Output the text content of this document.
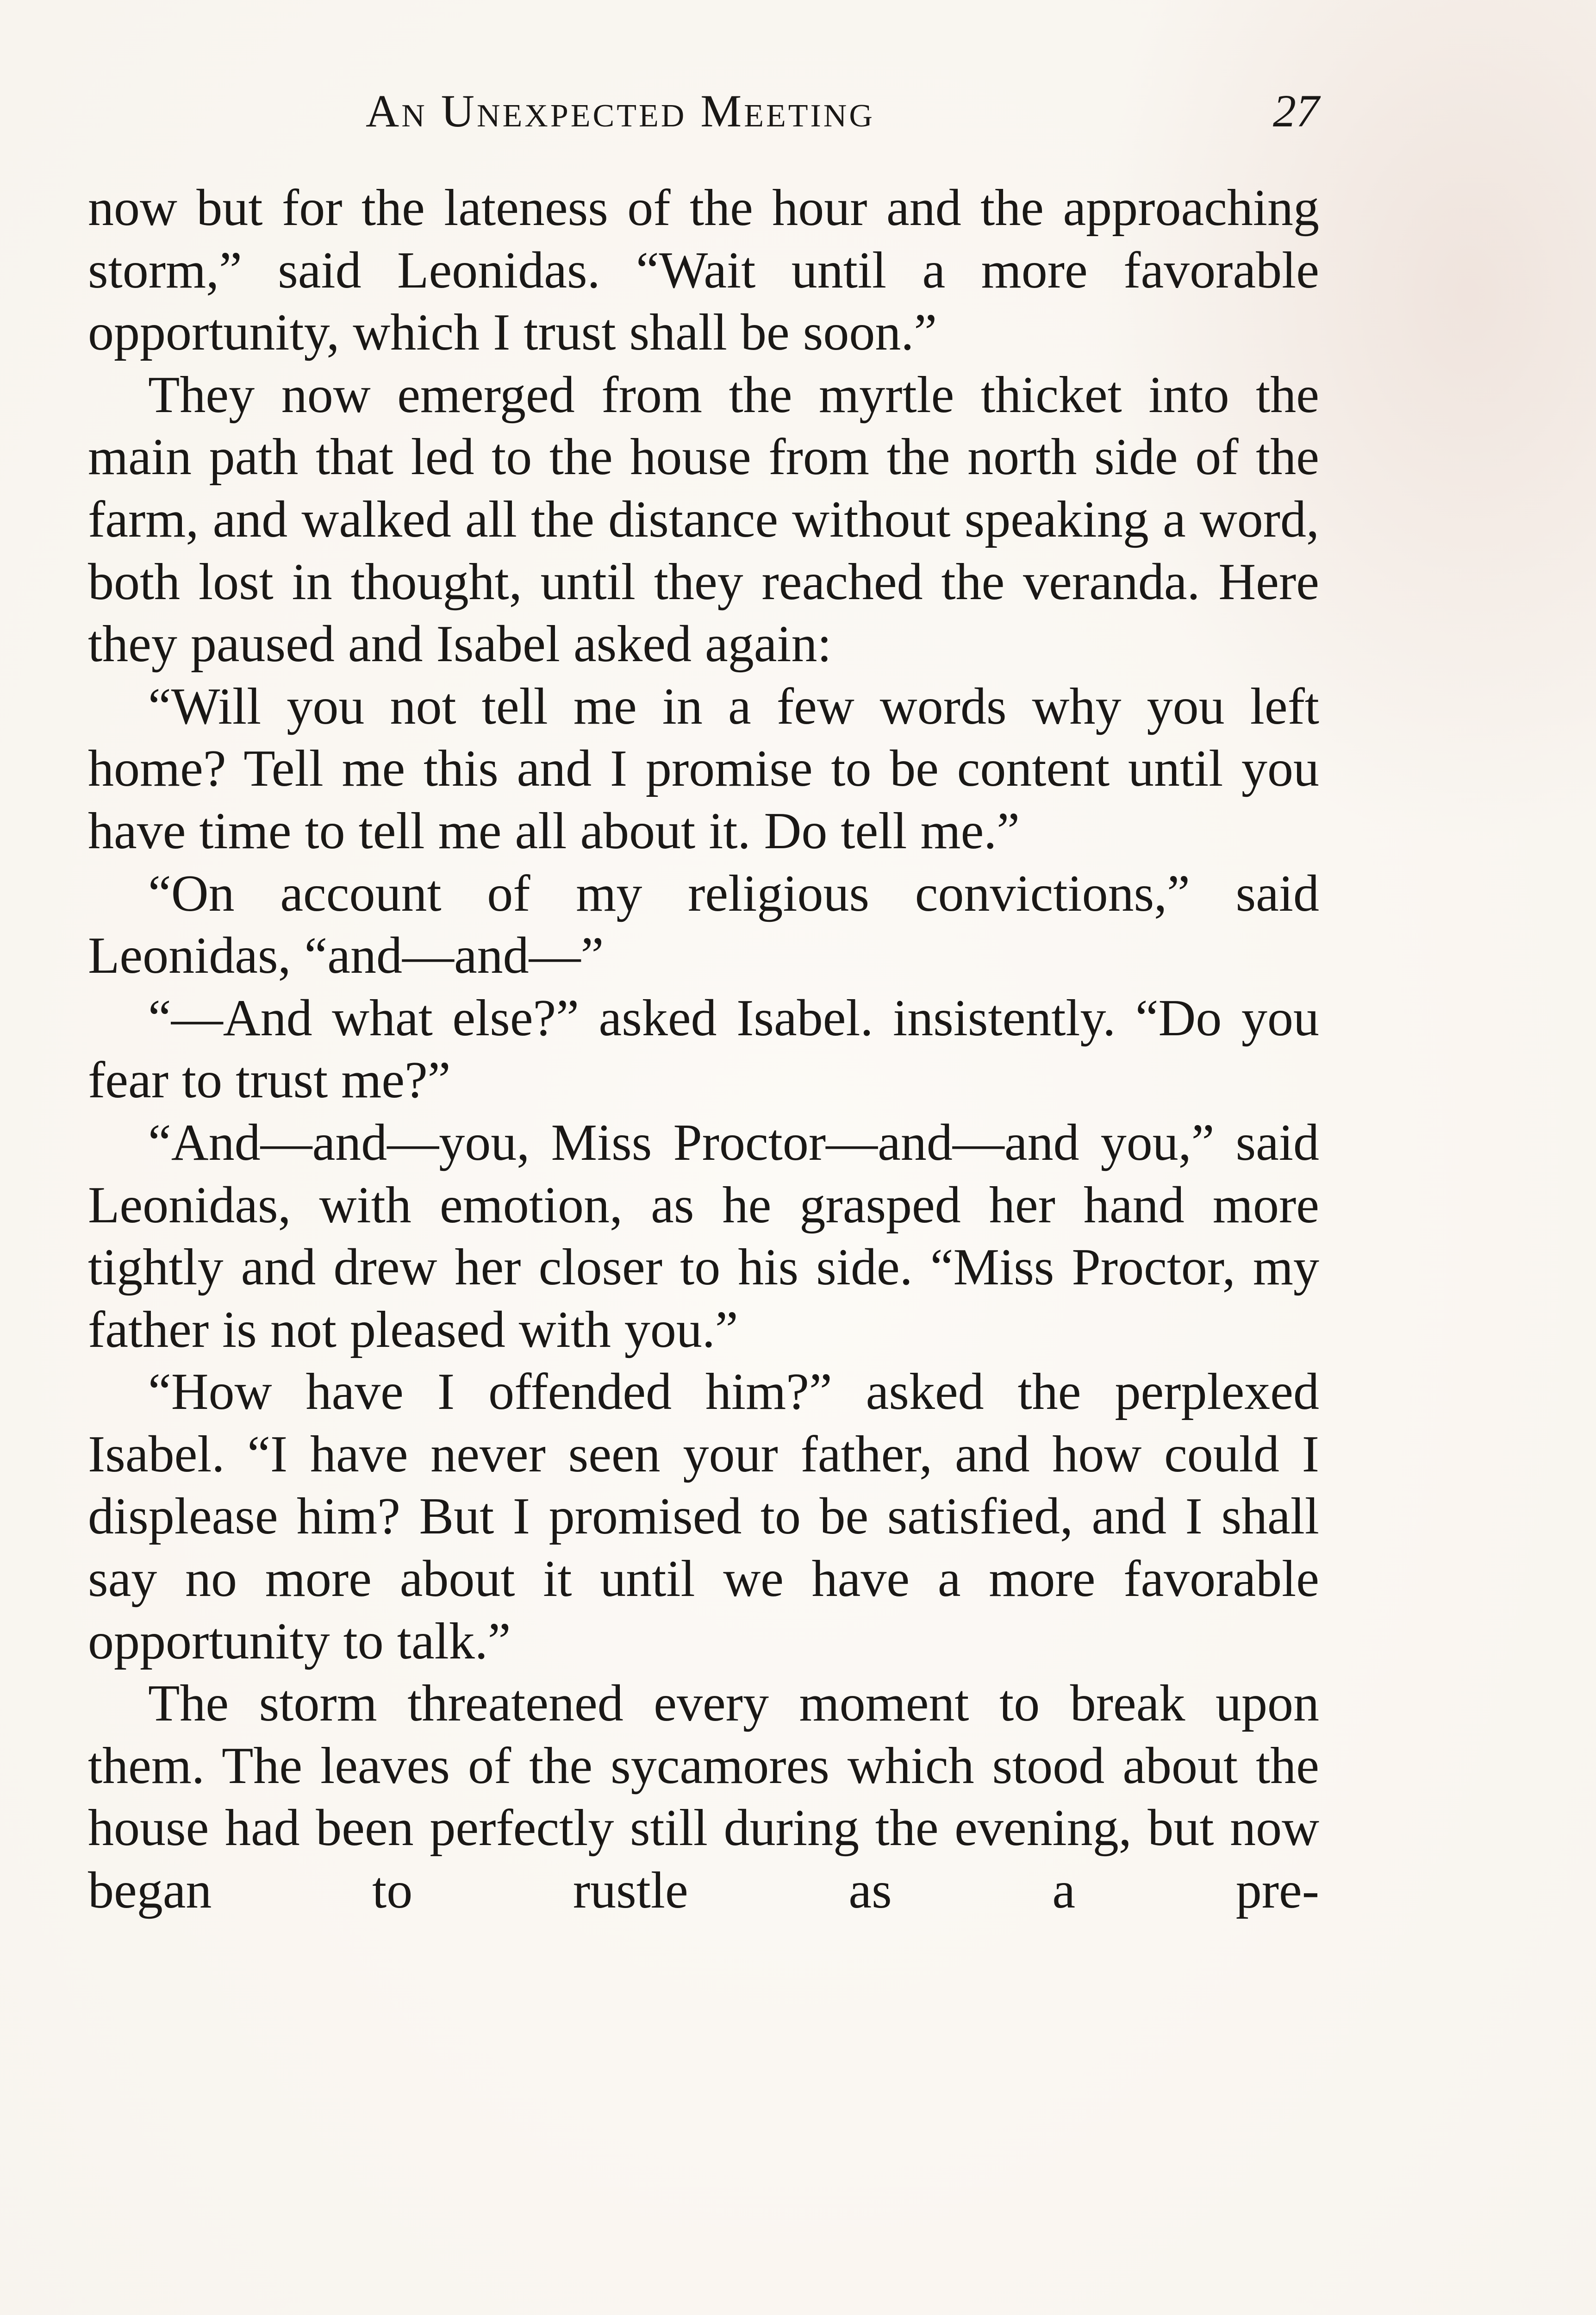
An Unexpected Meeting	27

now but for the lateness of the hour and the approaching storm,” said Leonidas. “Wait until a more favorable opportunity, which I trust shall be soon.”

They now emerged from the myrtle thicket into the main path that led to the house from the north side of the farm, and walked all the distance without speaking a word, both lost in thought, until they reached the veranda. Here they paused and Isabel asked again:

“Will you not tell me in a few words why you left home? Tell me this and I promise to be content until you have time to tell me all about it. Do tell me.”

“On account of my religious convictions,” said Leonidas, “and—and—”

“—And what else?” asked Isabel. insistently. “Do you fear to trust me?”

“And—and—you, Miss Proctor—and—and you,” said Leonidas, with emotion, as he grasped her hand more tightly and drew her closer to his side. “Miss Proctor, my father is not pleased with you.”

“How have I offended him?” asked the perplexed Isabel. “I have never seen your father, and how could I displease him? But I promised to be satisfied, and I shall say no more about it until we have a more favorable opportunity to talk.”

The storm threatened every moment to break upon them. The leaves of the sycamores which stood about the house had been perfectly still during the evening, but now began to rustle as a pre-
